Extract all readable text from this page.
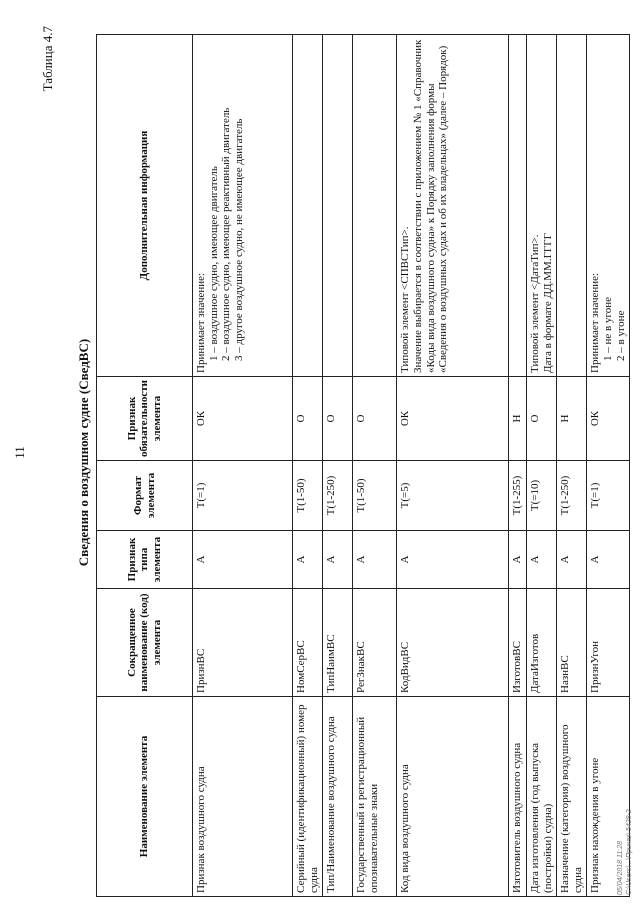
11
Таблица 4.7
Сведения о воздушном судне (СведВС)
Наименование элемента	Сокращенное наименование (код) элемента	Признак типа элемента	Формат элемента	Признак обязательности элемента	Дополнительная информация
Признак воздушного судна	ПризнВС	А	Т(=1)	ОК	Принимает значение: 1 – воздушное судно, имеющее двигатель 2 – воздушное судно, имеющее реактивный двигатель 3 – другое воздушное судно, не имеющее двигатель

Серийный (идентификационный) номер судна	НомСерВС	А	Т(1-50)	О	
Тип/Наименование воздушного судна	ТипНаимВС	А	Т(1-250)	О	
Государственный и регистрационный опознавательные знаки	РегЗнакВС	А	Т(1-50)	О	
Код вида воздушного судна	КодВидВС	А	Т(=5)	ОК	Типовой элемент <СПВСТип>. Значение выбирается в соответствии с приложением № 1 «Справочник «Коды вида воздушного судна» к Порядку заполнения формы «Сведения о воздушных судах и об их владельцах» (далее – Порядок)

Изготовитель воздушного судна	ИзготовВС	А	Т(1-255)	Н	
Дата изготовления (год выпуска (постройки) судна)	ДатаИзготов	А	Т(=10)	О	Типовой элемент <ДатаТип>. Дата в формате ДД.ММ.ГГГГ

Назначение (категория) воздушного судна	НазнВС	А	Т(1-250)	Н	
Признак нахождения в угоне	ПризнУгон	А	Т(=1)	ОК	Принимает значение: 1 – не в угоне 2 – в угоне
05/04/2018 11:28 C:\Users\...\Приказ\ 5428-2
